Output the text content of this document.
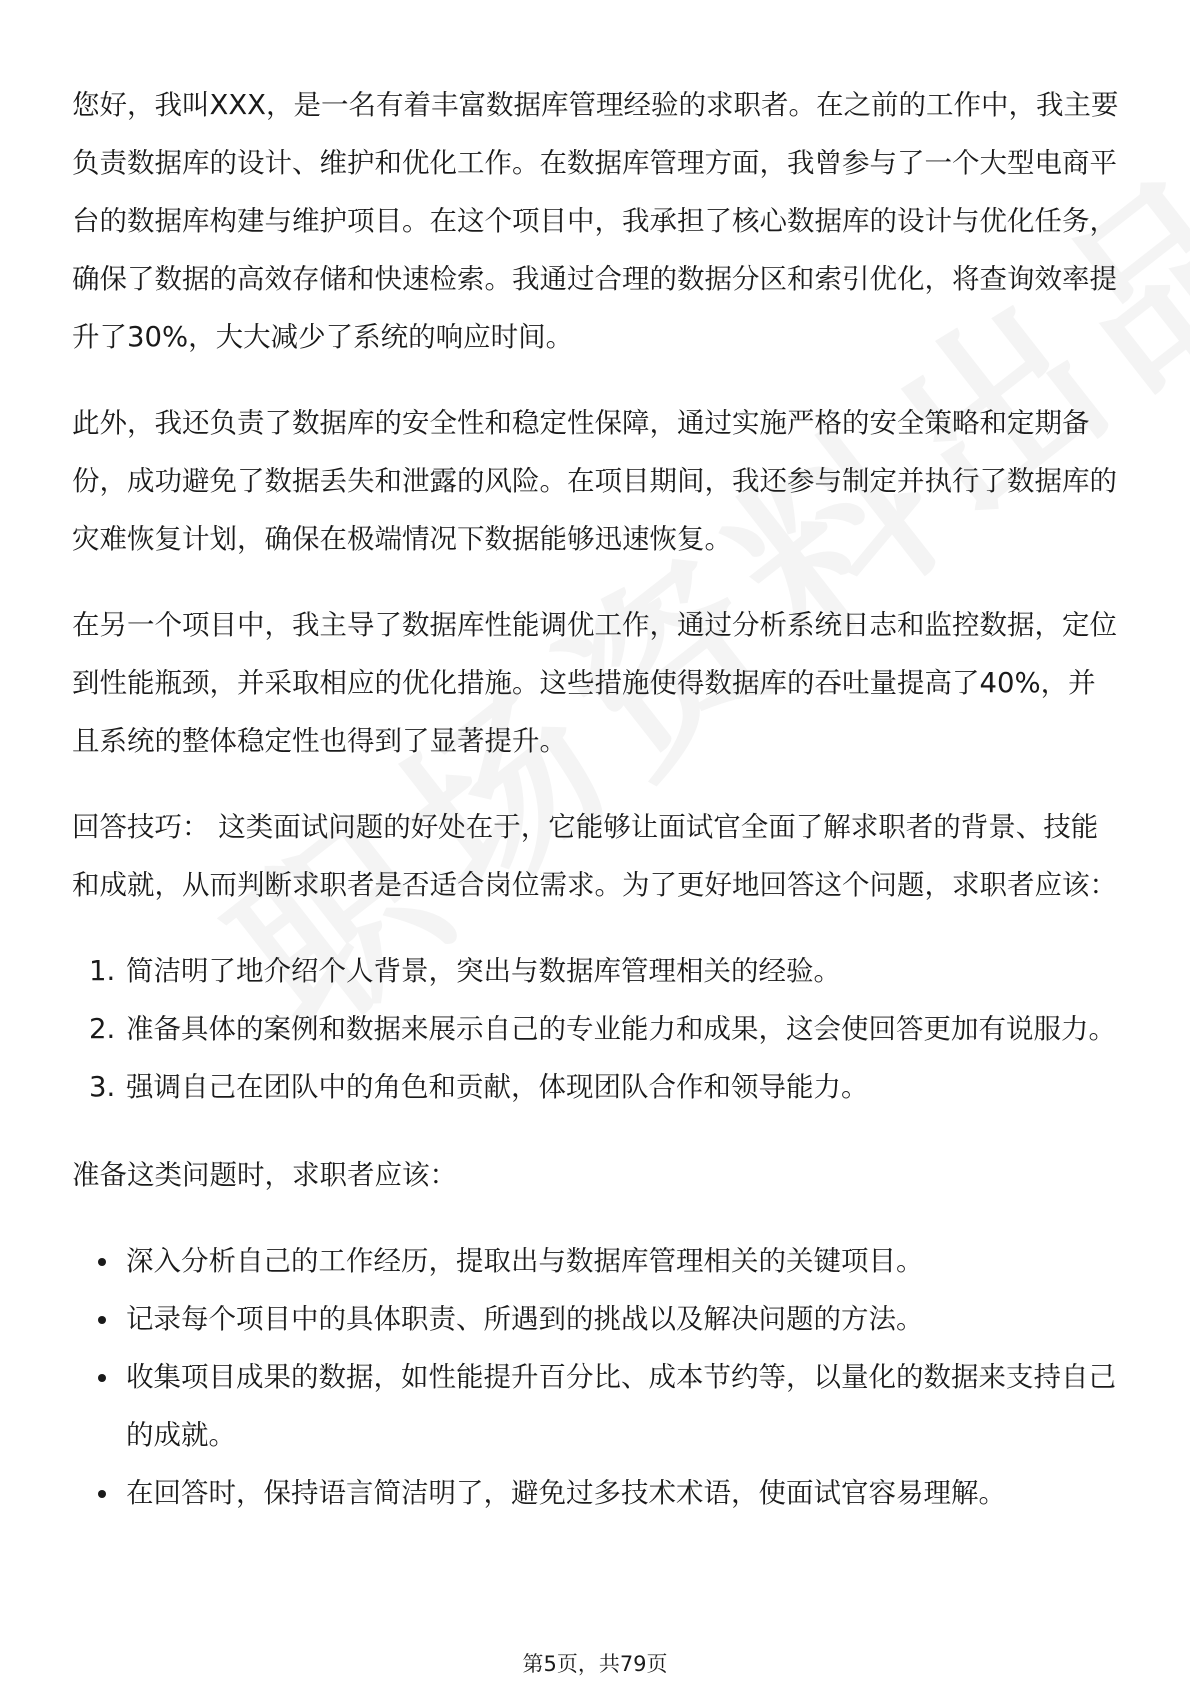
您好，我叫XXX，是一名有着丰富数据库管理经验的求职者。在之前的工作中，我主要负责数据库的设计、维护和优化工作。在数据库管理方面，我曾参与了一个大型电商平台的数据库构建与维护项目。在这个项目中，我承担了核心数据库的设计与优化任务，确保了数据的高效存储和快速检索。我通过合理的数据分区和索引优化，将查询效率提升了30%，大大减少了系统的响应时间。

此外，我还负责了数据库的安全性和稳定性保障，通过实施严格的安全策略和定期备份，成功避免了数据丢失和泄露的风险。在项目期间，我还参与制定并执行了数据库的灾难恢复计划，确保在极端情况下数据能够迅速恢复。

在另一个项目中，我主导了数据库性能调优工作，通过分析系统日志和监控数据，定位到性能瓶颈，并采取相应的优化措施。这些措施使得数据库的吞吐量提高了40%，并且系统的整体稳定性也得到了显著提升。

回答技巧： 这类面试问题的好处在于，它能够让面试官全面了解求职者的背景、技能和成就，从而判断求职者是否适合岗位需求。为了更好地回答这个问题，求职者应该：

1. 简洁明了地介绍个人背景，突出与数据库管理相关的经验。
2. 准备具体的案例和数据来展示自己的专业能力和成果，这会使回答更加有说服力。
3. 强调自己在团队中的角色和贡献，体现团队合作和领导能力。

准备这类问题时，求职者应该：

深入分析自己的工作经历，提取出与数据库管理相关的关键项目。
记录每个项目中的具体职责、所遇到的挑战以及解决问题的方法。
收集项目成果的数据，如性能提升百分比、成本节约等，以量化的数据来支持自己的成就。
在回答时，保持语言简洁明了，避免过多技术术语，使面试官容易理解。
第5页，共79页
